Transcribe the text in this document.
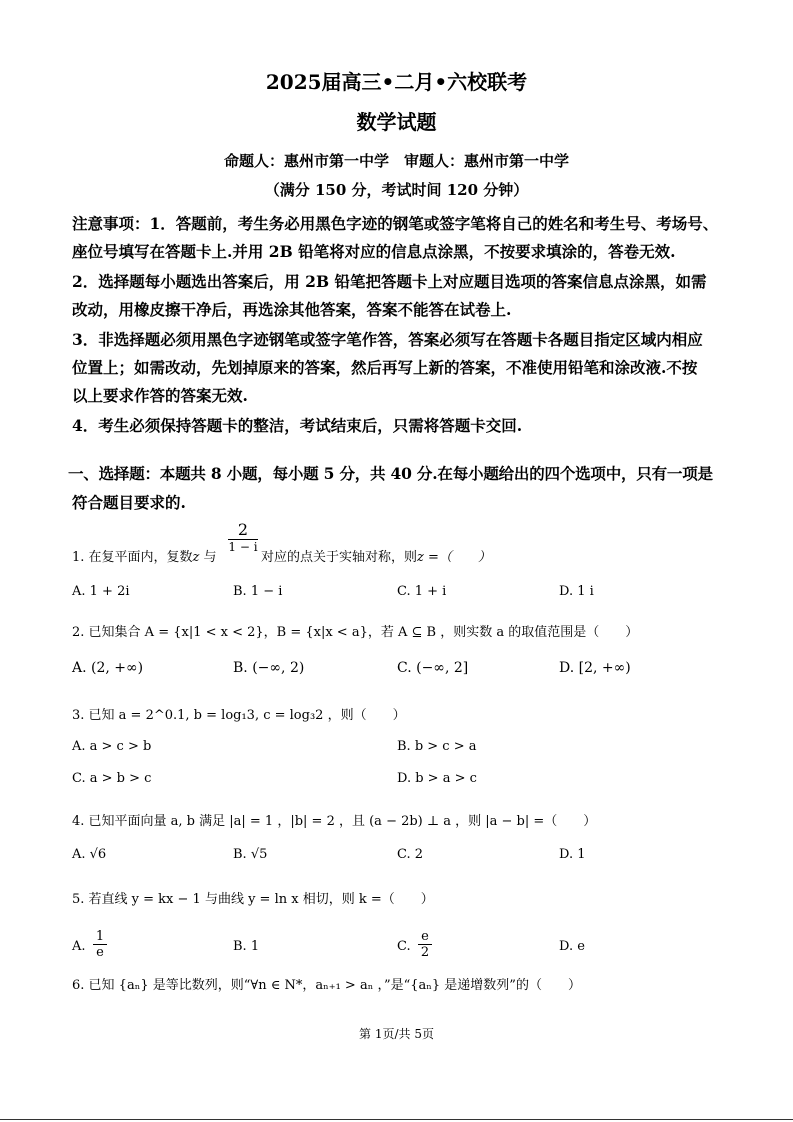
2025届高三•二月•六校联考
数学试题
命题人：惠州市第一中学　审题人：惠州市第一中学
（满分 150 分，考试时间 120 分钟）
注意事项：1．答题前，考生务必用黑色字迹的钢笔或签字笔将自己的姓名和考生号、考场号、
座位号填写在答题卡上.并用 2B 铅笔将对应的信息点涂黑，不按要求填涂的，答卷无效.
2．选择题每小题选出答案后，用 2B 铅笔把答题卡上对应题目选项的答案信息点涂黑，如需
改动，用橡皮擦干净后，再选涂其他答案，答案不能答在试卷上.
3．非选择题必须用黑色字迹钢笔或签字笔作答，答案必须写在答题卡各题目指定区域内相应
位置上；如需改动，先划掉原来的答案，然后再写上新的答案，不准使用铅笔和涂改液.不按
以上要求作答的答案无效.
4．考生必须保持答题卡的整洁，考试结束后，只需将答题卡交回.
一、选择题：本题共 8 小题，每小题 5 分，共 40 分.在每小题给出的四个选项中，只有一项是
符合题目要求的.
1. 在复平面内，复数z 与
2
1 − i
对应的点关于实轴对称，则z =（　　）
A. 1 + 2i	B. 1 − i	C. 1 + i	D. 1 i
2. 已知集合 A = {x|1 < x < 2}，B = {x|x < a}，若 A ⊆ B ，则实数 a 的取值范围是（　　）
A. (2, +∞)	B. (−∞, 2)	C. (−∞, 2]	D. [2, +∞)
3. 已知 a = 2^0.1, b = log₁3, c = log₃2 ，则（　　）
A. a > c > b	B. b > c > a
C. a > b > c	D. b > a > c
4. 已知平面向量 a, b 满足 |a| = 1 ，|b| = 2 ，且 (a − 2b) ⊥ a ，则 |a − b| =（　　）
A. √6	B. √5	C. 2	D. 1
5. 若直线 y = kx − 1 与曲线 y = ln x 相切，则 k =（　　）
A. $\frac{1}{e}$	B. 1	C. $\frac{e}{2}$	D. e
6. 已知 {aₙ} 是等比数列，则“∀n ∈ N*，aₙ₊₁ > aₙ ，”是“{aₙ} 是递增数列”的（　　）
第 1页/共 5页
